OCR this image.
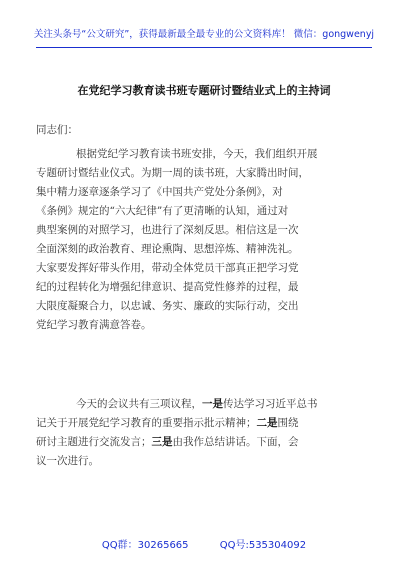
关注头条号“公文研究”，获得最新最全最专业的公文资料库！ 微信：gongwenyj
在党纪学习教育读书班专题研讨暨结业式上的主持词
同志们：
根据党纪学习教育读书班安排，今天，我们组织开展
专题研讨暨结业仪式。为期一周的读书班，大家腾出时间，
集中精力逐章逐条学习了《中国共产党处分条例》，对
《条例》规定的“六大纪律”有了更清晰的认知，通过对
典型案例的对照学习，也进行了深刻反思。相信这是一次
全面深刻的政治教育、理论熏陶、思想淬炼、精神洗礼。
大家要发挥好带头作用，带动全体党员干部真正把学习党
纪的过程转化为增强纪律意识、提高党性修养的过程，最
大限度凝聚合力，以忠诚、务实、廉政的实际行动，交出
党纪学习教育满意答卷。
今天的会议共有三项议程，一是传达学习习近平总书
记关于开展党纪学习教育的重要指示批示精神；二是围绕
研讨主题进行交流发言；三是由我作总结讲话。下面，会
议一次进行。
QQ群：30265665	QQ号:535304092
